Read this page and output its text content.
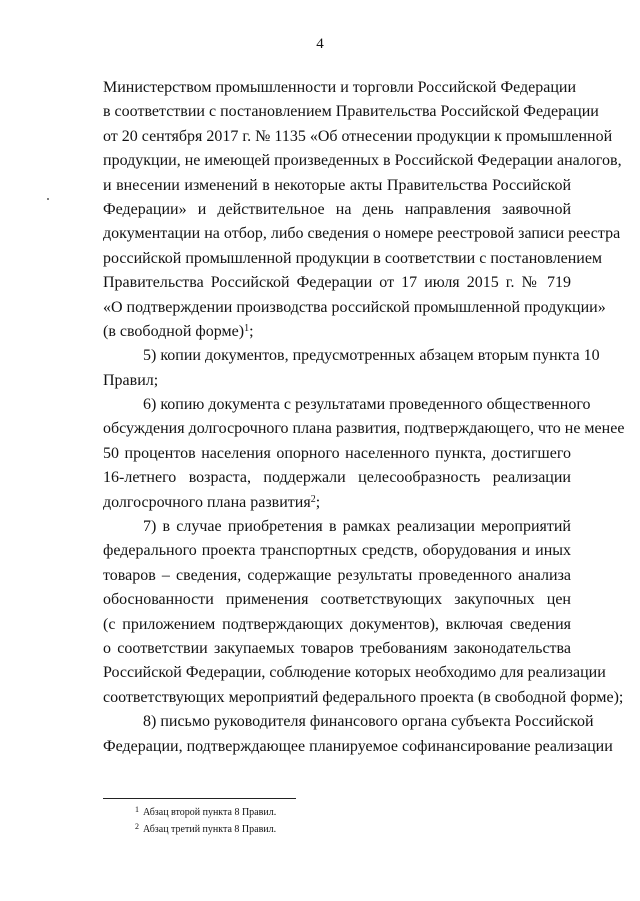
4
Министерством промышленности и торговли Российской Федерации
в соответствии с постановлением Правительства Российской Федерации
от 20 сентября 2017 г. № 1135 «Об отнесении продукции к промышленной
продукции, не имеющей произведенных в Российской Федерации аналогов,
и внесении изменений в некоторые акты Правительства Российской
Федерации» и действительное на день направления заявочной
документации на отбор, либо сведения о номере реестровой записи реестра
российской промышленной продукции в соответствии с постановлением
Правительства Российской Федерации от 17 июля 2015 г. № 719
«О подтверждении производства российской промышленной продукции»
(в свободной форме)$^1$;
5) копии документов, предусмотренных абзацем вторым пункта 10
Правил;
6) копию документа с результатами проведенного общественного
обсуждения долгосрочного плана развития, подтверждающего, что не менее
50 процентов населения опорного населенного пункта, достигшего
16-летнего возраста, поддержали целесообразность реализации
долгосрочного плана развития$^2$;
7) в случае приобретения в рамках реализации мероприятий
федерального проекта транспортных средств, оборудования и иных
товаров – сведения, содержащие результаты проведенного анализа
обоснованности применения соответствующих закупочных цен
(с приложением подтверждающих документов), включая сведения
о соответствии закупаемых товаров требованиям законодательства
Российской Федерации, соблюдение которых необходимо для реализации
соответствующих мероприятий федерального проекта (в свободной форме);
8) письмо руководителя финансового органа субъекта Российской
Федерации, подтверждающее планируемое софинансирование реализации
$^1$ Абзац второй пункта 8 Правил.
$^2$ Абзац третий пункта 8 Правил.
